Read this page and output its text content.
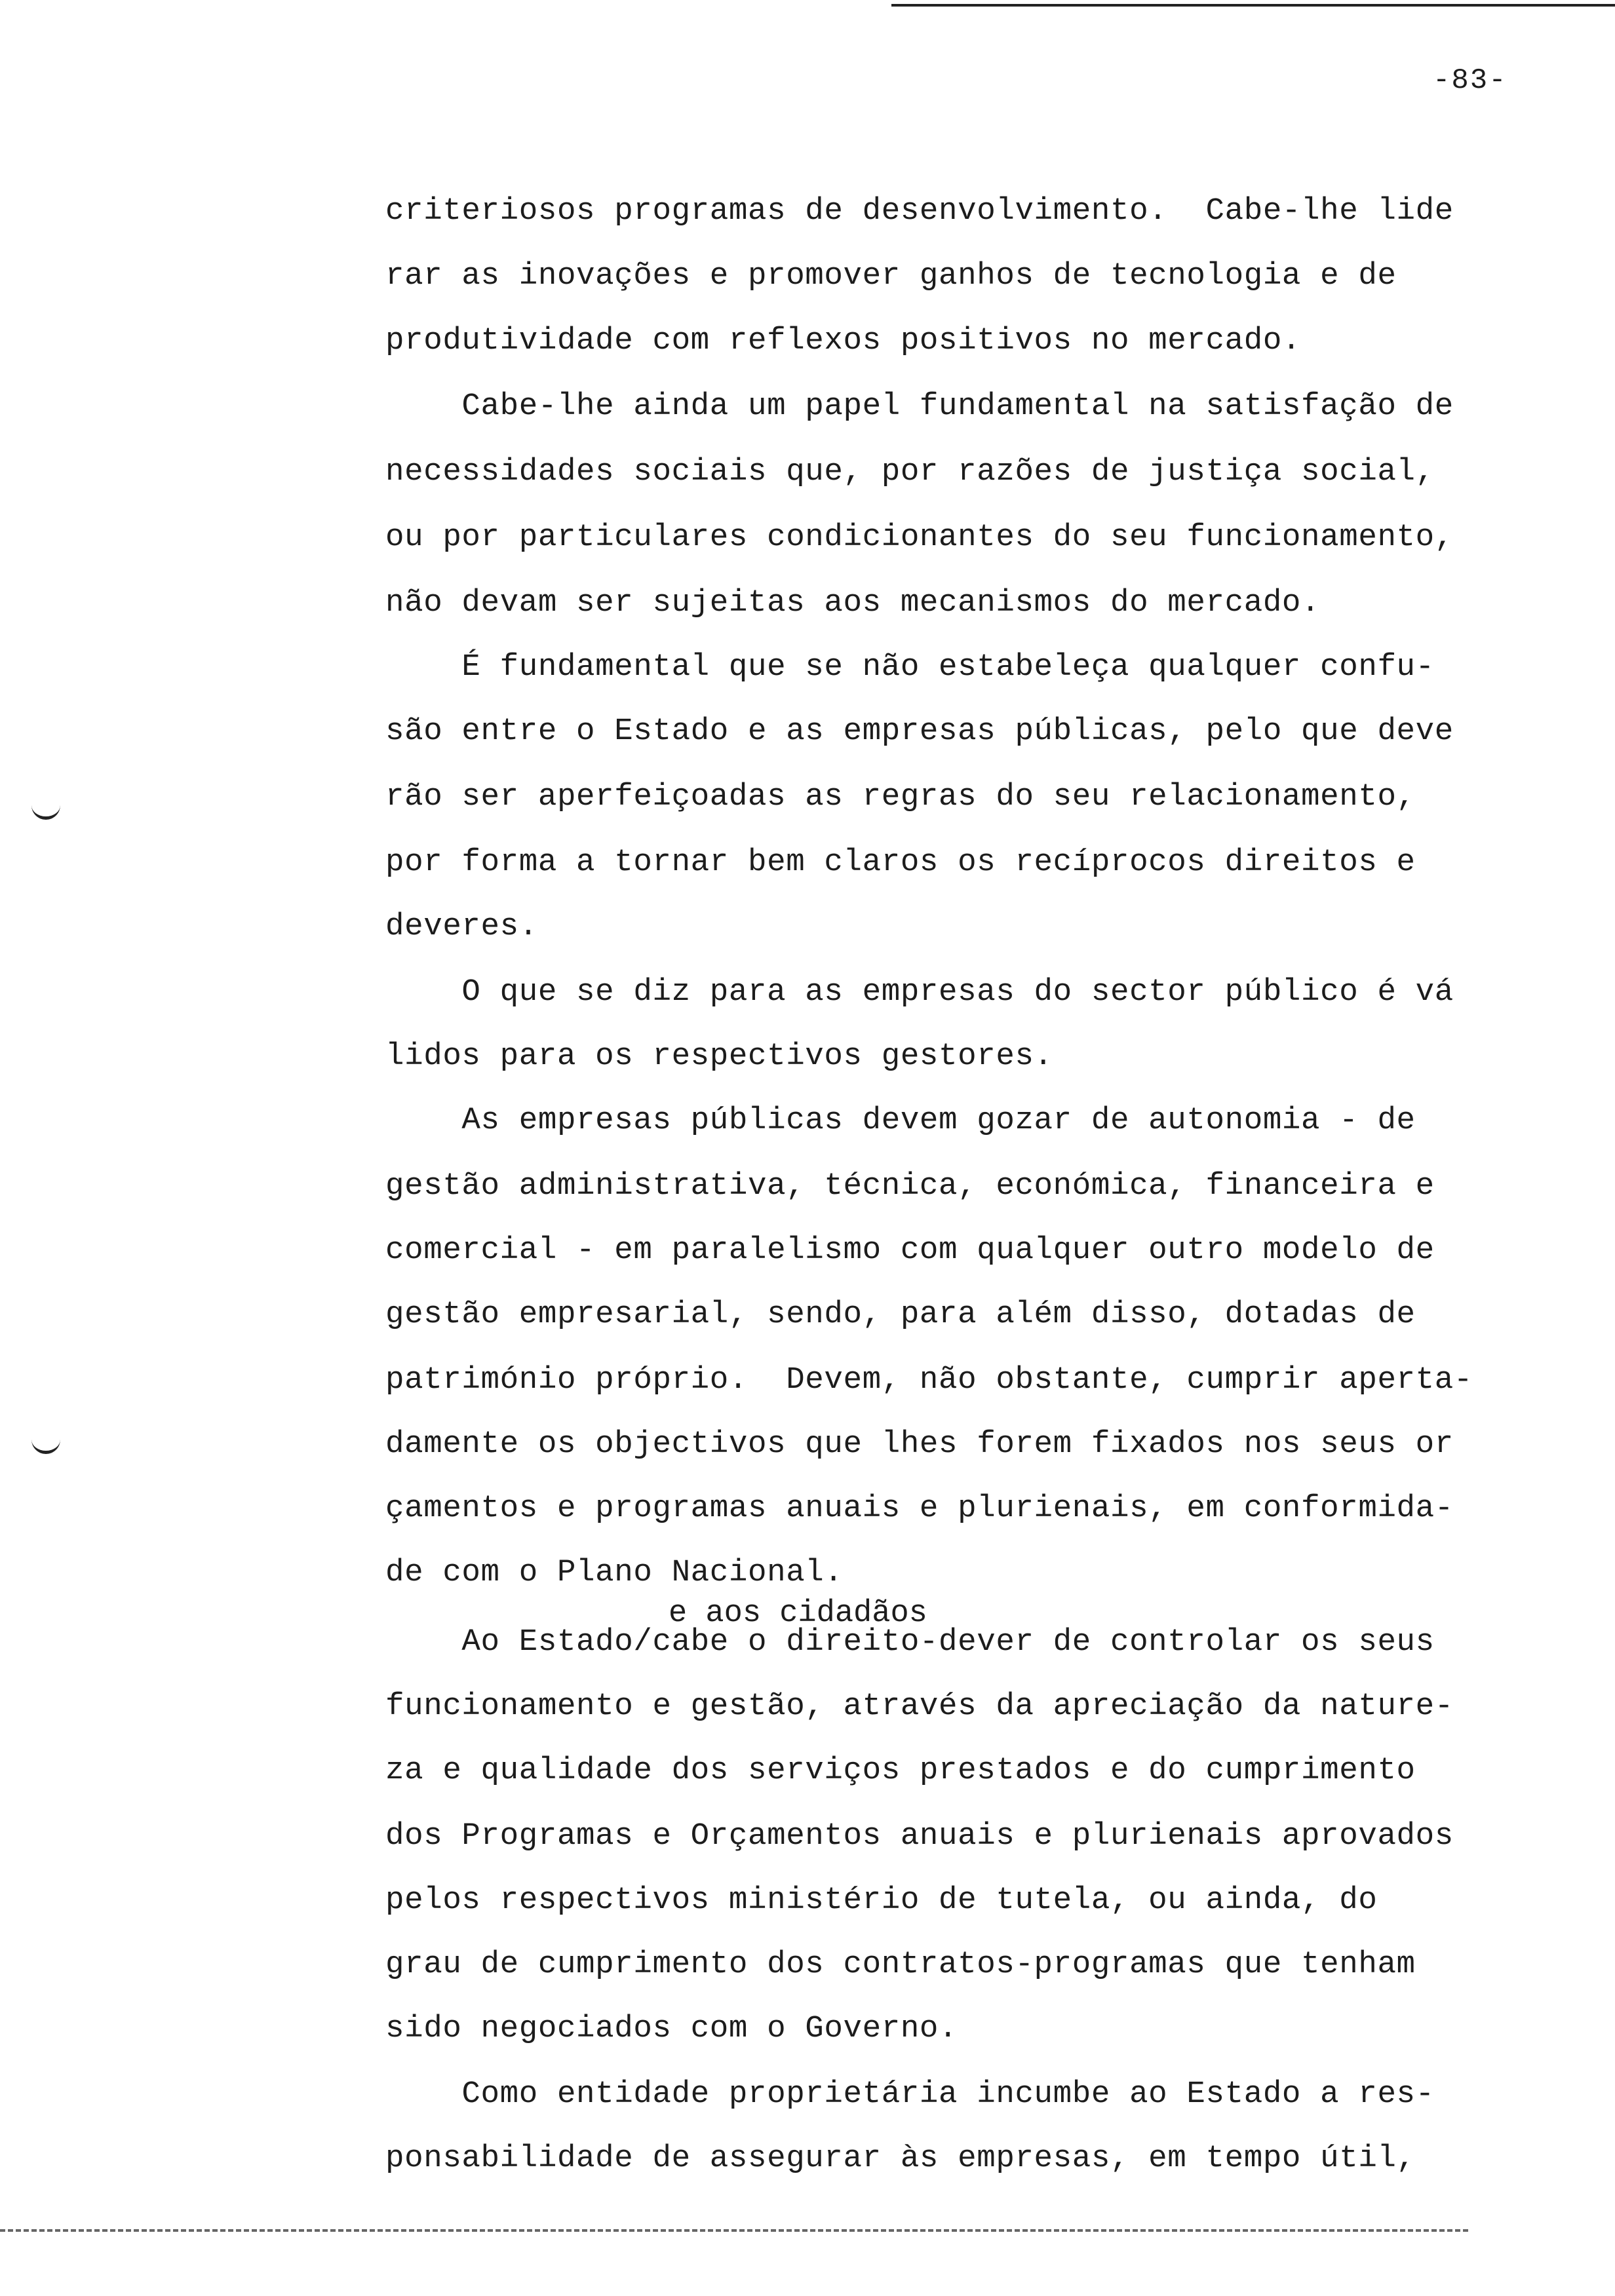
-83-
criteriosos programas de desenvolvimento.  Cabe-lhe lide
rar as inovações e promover ganhos de tecnologia e de
produtividade com reflexos positivos no mercado.
Cabe-lhe ainda um papel fundamental na satisfação de
necessidades sociais que, por razões de justiça social,
ou por particulares condicionantes do seu funcionamento,
não devam ser sujeitas aos mecanismos do mercado.
É fundamental que se não estabeleça qualquer confu-
são entre o Estado e as empresas públicas, pelo que deve
rão ser aperfeiçoadas as regras do seu relacionamento,
por forma a tornar bem claros os recíprocos direitos e
deveres.
O que se diz para as empresas do sector público é vá
lidos para os respectivos gestores.
As empresas públicas devem gozar de autonomia - de
gestão administrativa, técnica, económica, financeira e
comercial - em paralelismo com qualquer outro modelo de
gestão empresarial, sendo, para além disso, dotadas de
património próprio.  Devem, não obstante, cumprir aperta-
damente os objectivos que lhes forem fixados nos seus or
çamentos e programas anuais e plurienais, em conformida-
de com o Plano Nacional.
e aos cidadãos
Ao Estado/cabe o direito-dever de controlar os seus
funcionamento e gestão, através da apreciação da nature-
za e qualidade dos serviços prestados e do cumprimento
dos Programas e Orçamentos anuais e plurienais aprovados
pelos respectivos ministério de tutela, ou ainda, do
grau de cumprimento dos contratos-programas que tenham
sido negociados com o Governo.
Como entidade proprietária incumbe ao Estado a res-
ponsabilidade de assegurar às empresas, em tempo útil,
